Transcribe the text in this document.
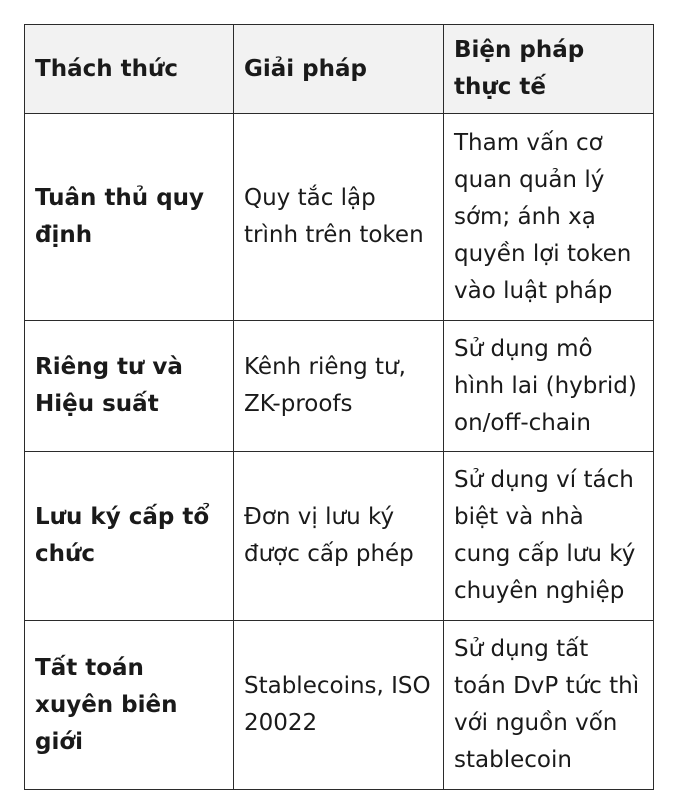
Thách thức	Giải pháp	Biện pháp thực tế
Tuân thủ quy định	Quy tắc lập trình trên token	Tham vấn cơ quan quản lý sớm; ánh xạ quyền lợi token vào luật pháp
Riêng tư và Hiệu suất	Kênh riêng tư, ZK-proofs	Sử dụng mô hình lai (hybrid) on/off-chain
Lưu ký cấp tổ chức	Đơn vị lưu ký được cấp phép	Sử dụng ví tách biệt và nhà cung cấp lưu ký chuyên nghiệp
Tất toán xuyên biên giới	Stablecoins, ISO 20022	Sử dụng tất toán DvP tức thì với nguồn vốn stablecoin
